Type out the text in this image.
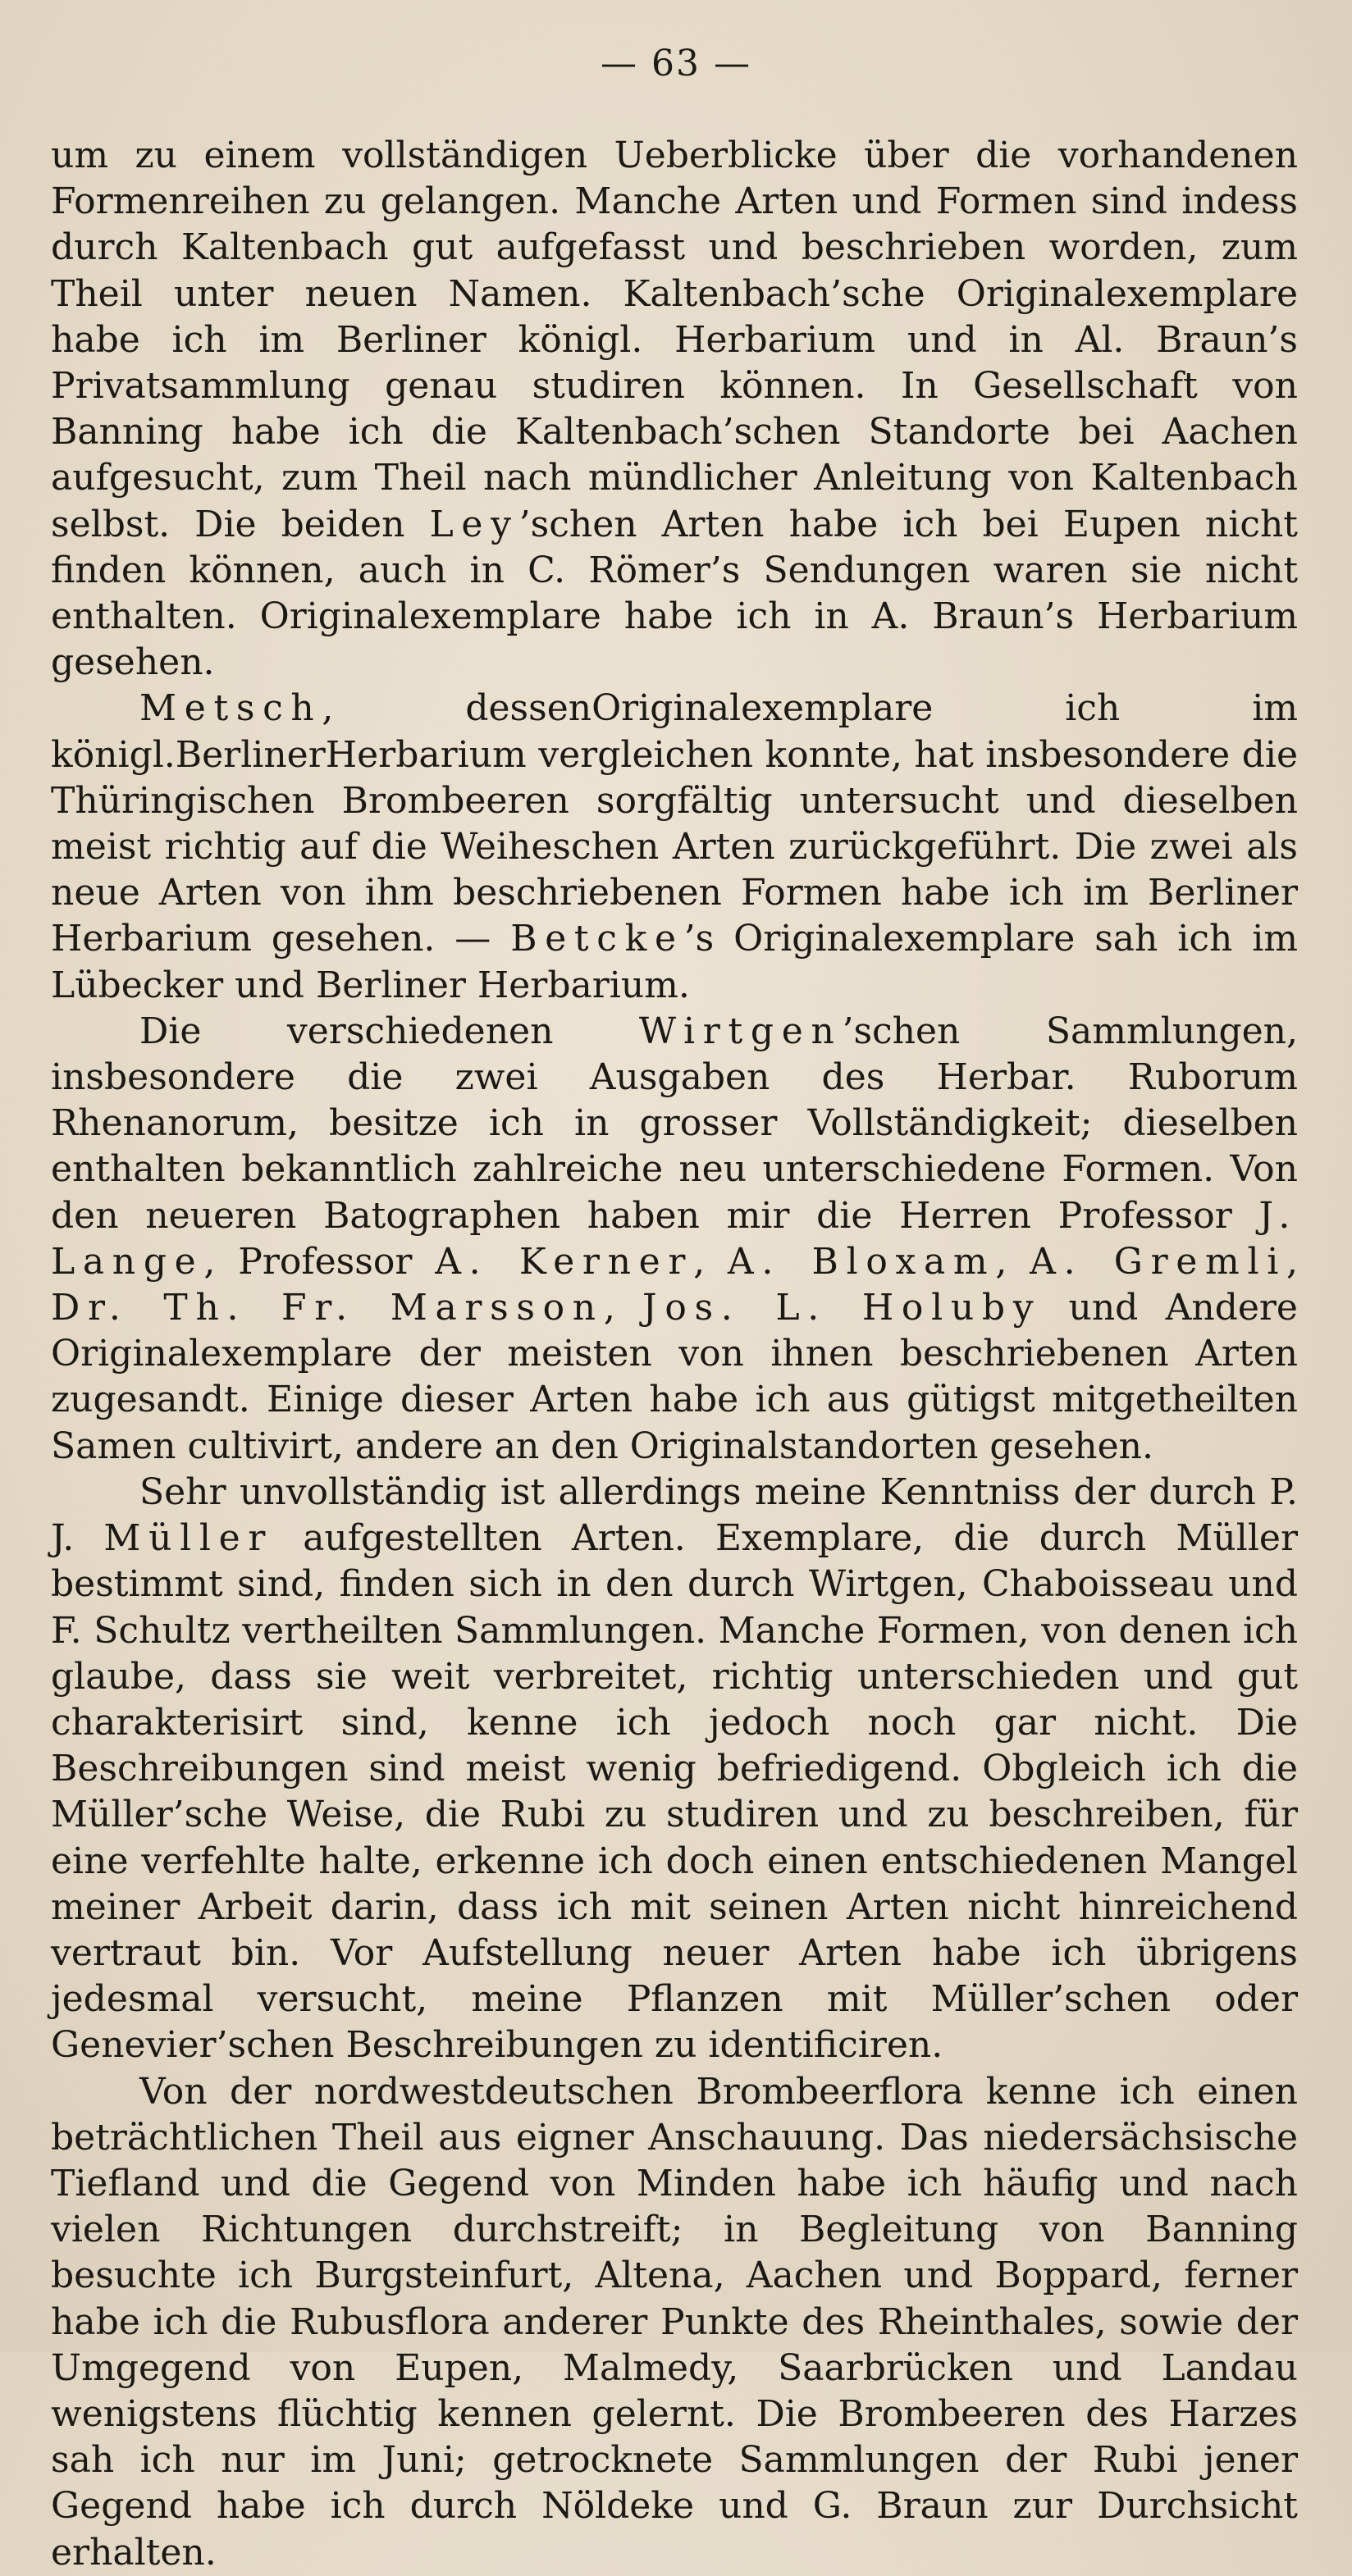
— 63 —

um zu einem vollständigen Ueberblicke über die vorhandenen Formenreihen zu gelangen. Manche Arten und Formen sind indess durch Kaltenbach gut aufgefasst und beschrieben worden, zum Theil unter neuen Namen. Kaltenbach’sche Originalexemplare habe ich im Berliner königl. Herbarium und in Al. Braun’s Privatsammlung genau studiren können. In Gesellschaft von Banning habe ich die Kaltenbach’schen Standorte bei Aachen aufgesucht, zum Theil nach mündlicher Anleitung von Kaltenbach selbst. Die beiden Ley’schen Arten habe ich bei Eupen nicht finden können, auch in C. Römer’s Sendungen waren sie nicht enthalten. Originalexemplare habe ich in A. Braun’s Herbarium gesehen.

Metsch, dessenOriginalexemplare ich im königl.BerlinerHerbarium vergleichen konnte, hat insbesondere die Thüringischen Brombeeren sorgfältig untersucht und dieselben meist richtig auf die Weiheschen Arten zurückgeführt. Die zwei als neue Arten von ihm beschriebenen Formen habe ich im Berliner Herbarium gesehen. — Betcke’s Originalexemplare sah ich im Lübecker und Berliner Herbarium.

Die verschiedenen Wirtgen’schen Sammlungen, insbesondere die zwei Ausgaben des Herbar. Ruborum Rhenanorum, besitze ich in grosser Vollständigkeit; dieselben enthalten bekanntlich zahlreiche neu unterschiedene Formen. Von den neueren Batographen haben mir die Herren Professor J. Lange, Professor A. Kerner, A. Bloxam, A. Gremli, Dr. Th. Fr. Marsson, Jos. L. Holuby und Andere Originalexemplare der meisten von ihnen beschriebenen Arten zugesandt. Einige dieser Arten habe ich aus gütigst mitgetheilten Samen cultivirt, andere an den Originalstandorten gesehen.

Sehr unvollständig ist allerdings meine Kenntniss der durch P. J. Müller aufgestellten Arten. Exemplare, die durch Müller bestimmt sind, finden sich in den durch Wirtgen, Chaboisseau und F. Schultz vertheilten Sammlungen. Manche Formen, von denen ich glaube, dass sie weit verbreitet, richtig unterschieden und gut charakterisirt sind, kenne ich jedoch noch gar nicht. Die Beschreibungen sind meist wenig befriedigend. Obgleich ich die Müller’sche Weise, die Rubi zu studiren und zu beschreiben, für eine verfehlte halte, erkenne ich doch einen entschiedenen Mangel meiner Arbeit darin, dass ich mit seinen Arten nicht hinreichend vertraut bin. Vor Aufstellung neuer Arten habe ich übrigens jedesmal versucht, meine Pflanzen mit Müller’schen oder Genevier’schen Beschreibungen zu identificiren.

Von der nordwestdeutschen Brombeerflora kenne ich einen beträchtlichen Theil aus eigner Anschauung. Das niedersächsische Tiefland und die Gegend von Minden habe ich häufig und nach vielen Richtungen durchstreift; in Begleitung von Banning besuchte ich Burgsteinfurt, Altena, Aachen und Boppard, ferner habe ich die Rubusflora anderer Punkte des Rheinthales, sowie der Umgegend von Eupen, Malmedy, Saarbrücken und Landau wenigstens flüchtig kennen gelernt. Die Brombeeren des Harzes sah ich nur im Juni; getrocknete Sammlungen der Rubi jener Gegend habe ich durch Nöldeke und G. Braun zur Durchsicht erhalten.
